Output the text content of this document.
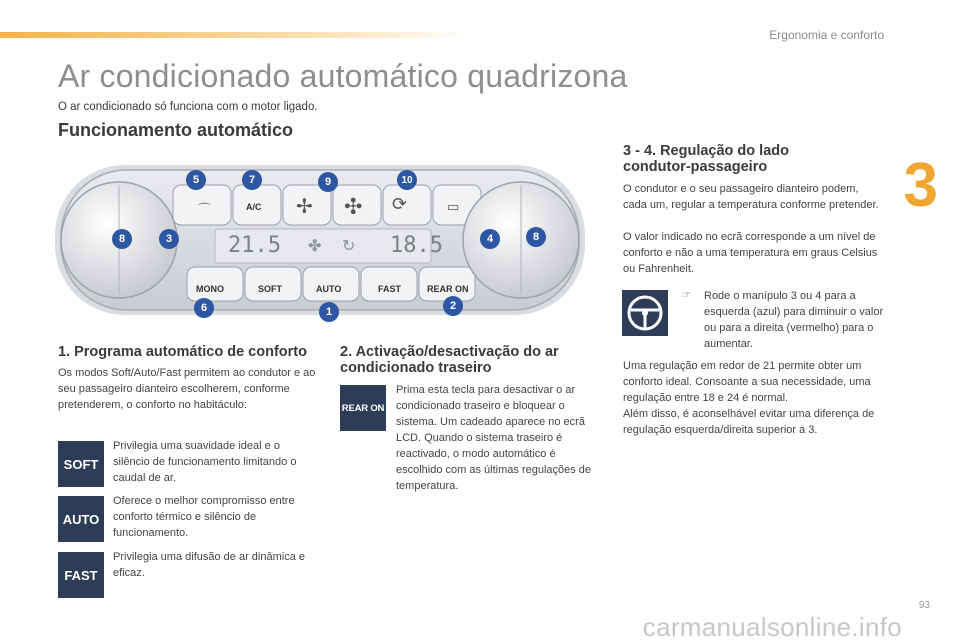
Ergonomia e conforto
3
Ar condicionado automático quadrizona
O ar condicionado só funciona com o motor ligado.
Funcionamento automático
21.5	18.5
✤ ↻
A/C
MONO	SOFT	AUTO	FAST	REAR ON
⌒	✢ ✣ ⟳	▭
5	7	9	10
8	3	4	8
6	1	2
1. Programa automático de conforto
Os modos Soft/Auto/Fast permitem ao condutor e ao seu passageiro dianteiro escolherem, conforme pretenderem, o conforto no habitáculo:
SOFT
Privilegia uma suavidade ideal e o silêncio de funcionamento limitando o caudal de ar.
AUTO
Oferece o melhor compromisso entre conforto térmico e silêncio de funcionamento.
FAST
Privilegia uma difusão de ar dinâmica e eficaz.
2. Activação/desactivação do ar condicionado traseiro
REAR ON
Prima esta tecla para desactivar o ar condicionado traseiro e bloquear o sistema. Um cadeado aparece no ecrã LCD. Quando o sistema traseiro é reactivado, o modo automático é escolhido com as últimas regulações de temperatura.
3 - 4. Regulação do lado condutor-passageiro
O condutor e o seu passageiro dianteiro podem, cada um, regular a temperatura conforme pretender.
O valor indicado no ecrã corresponde a um nível de conforto e não a uma temperatura em graus Celsius ou Fahrenheit.
☞ Rode o manípulo 3 ou 4 para a esquerda (azul) para diminuir o valor ou para a direita (vermelho) para o aumentar.
Uma regulação em redor de 21 permite obter um conforto ideal. Consoante a sua necessidade, uma regulação entre 18 e 24 é normal.
Além disso, é aconselhável evitar uma diferença de regulação esquerda/direita superior a 3.
93
carmanualsonline.info
